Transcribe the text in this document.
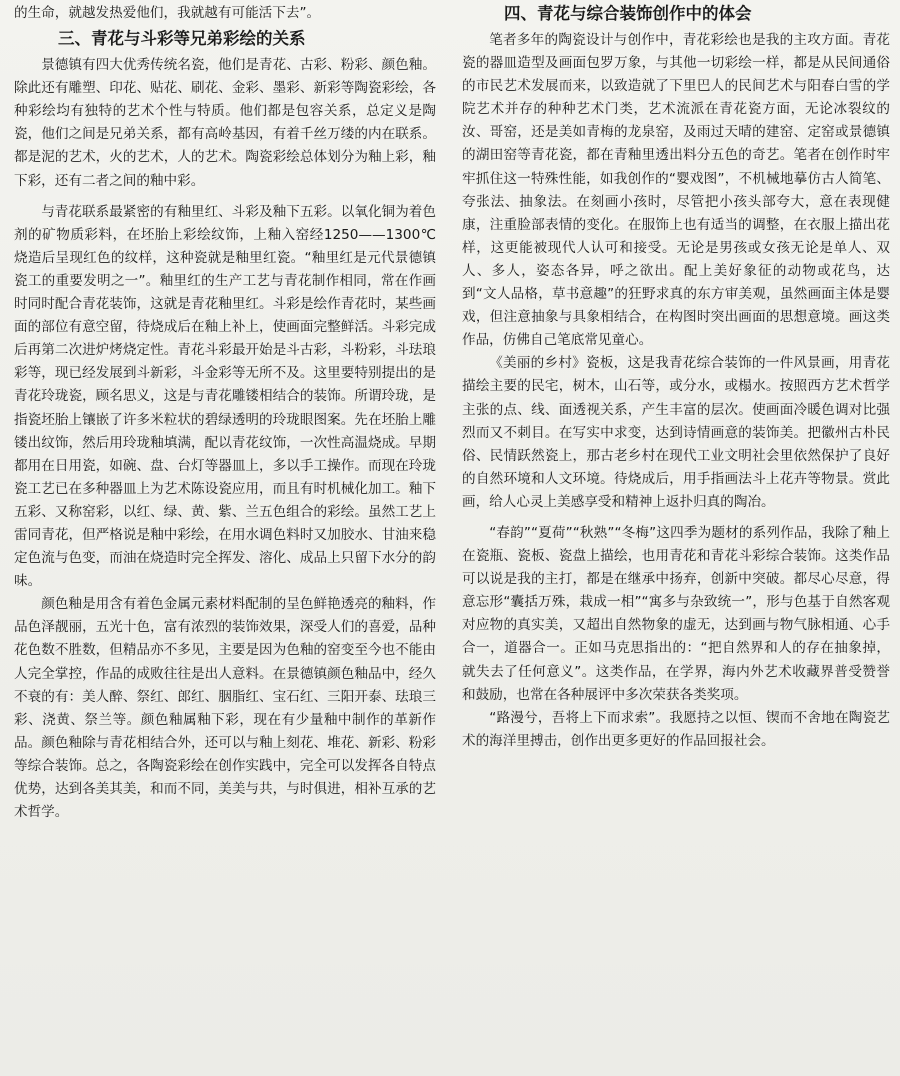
的生命，就越发热爱他们，我就越有可能活下去”。

三、青花与斗彩等兄弟彩绘的关系

景德镇有四大优秀传统名瓷，他们是青花、古彩、粉彩、颜色釉。除此还有雕塑、印花、贴花、刷花、金彩、墨彩、新彩等陶瓷彩绘，各种彩绘均有独特的艺术个性与特质。他们都是包容关系，总定义是陶瓷，他们之间是兄弟关系，都有高岭基因，有着千丝万缕的内在联系。都是泥的艺术，火的艺术，人的艺术。陶瓷彩绘总体划分为釉上彩，釉下彩，还有二者之间的釉中彩。

与青花联系最紧密的有釉里红、斗彩及釉下五彩。以氧化铜为着色剂的矿物质彩料，在坯胎上彩绘纹饰，上釉入窑经1250——1300℃烧造后呈现红色的纹样，这种瓷就是釉里红瓷。“釉里红是元代景德镇瓷工的重要发明之一”。釉里红的生产工艺与青花制作相同，常在作画时同时配合青花装饰，这就是青花釉里红。斗彩是绘作青花时，某些画面的部位有意空留，待烧成后在釉上补上，使画面完整鲜活。斗彩完成后再第二次进炉烤烧定性。青花斗彩最开始是斗古彩，斗粉彩，斗珐琅彩等，现已经发展到斗新彩，斗金彩等无所不及。这里要特别提出的是青花玲珑瓷，顾名思义，这是与青花雕镂相结合的装饰。所谓玲珑，是指瓷坯胎上镶嵌了许多米粒状的碧绿透明的玲珑眼图案。先在坯胎上雕镂出纹饰，然后用玲珑釉填满，配以青花纹饰，一次性高温烧成。早期都用在日用瓷，如碗、盘、台灯等器皿上，多以手工操作。而现在玲珑瓷工艺已在多种器皿上为艺术陈设瓷应用，而且有时机械化加工。釉下五彩、又称窑彩，以红、绿、黄、紫、兰五色组合的彩绘。虽然工艺上雷同青花，但严格说是釉中彩绘，在用水调色料时又加胶水、甘油来稳定色流与色变，而油在烧造时完全挥发、溶化、成品上只留下水分的韵味。

颜色釉是用含有着色金属元素材料配制的呈色鲜艳透亮的釉料，作品色泽靓丽，五光十色，富有浓烈的装饰效果，深受人们的喜爱，品种花色数不胜数，但精品亦不多见，主要是因为色釉的窑变至今也不能由人完全掌控，作品的成败往往是出人意料。在景德镇颜色釉品中，经久不衰的有：美人醉、祭红、郎红、胭脂红、宝石红、三阳开泰、珐琅三彩、浇黄、祭兰等。颜色釉属釉下彩，现在有少量釉中制作的革新作品。颜色釉除与青花相结合外，还可以与釉上刻花、堆花、新彩、粉彩等综合装饰。总之，各陶瓷彩绘在创作实践中，完全可以发挥各自特点优势，达到各美其美，和而不同，美美与共，与时俱进，相补互承的艺术哲学。

四、青花与综合装饰创作中的体会

笔者多年的陶瓷设计与创作中，青花彩绘也是我的主攻方面。青花瓷的器皿造型及画面包罗万象，与其他一切彩绘一样，都是从民间通俗的市民艺术发展而来，以致造就了下里巴人的民间艺术与阳春白雪的学院艺术并存的种种艺术门类，艺术流派在青花瓷方面，无论冰裂纹的汝、哥窑，还是美如青梅的龙泉窑，及雨过天晴的建窑、定窑或景德镇的湖田窑等青花瓷，都在青釉里透出料分五色的奇艺。笔者在创作时牢牢抓住这一特殊性能，如我创作的“婴戏图”，不机械地摹仿古人简笔、夸张法、抽象法。在刻画小孩时，尽管把小孩头部夸大，意在表现健康，注重脸部表情的变化。在服饰上也有适当的调整，在衣服上描出花样，这更能被现代人认可和接受。无论是男孩或女孩无论是单人、双人、多人，姿态各异，呼之欲出。配上美好象征的动物或花鸟，达到“文人品格，草书意趣”的狂野求真的东方审美观，虽然画面主体是婴戏，但注意抽象与具象相结合，在构图时突出画面的思想意境。画这类作品，仿佛自己笔底常见童心。

《美丽的乡村》瓷板，这是我青花综合装饰的一件风景画，用青花描绘主要的民宅，树木，山石等，或分水，或榻水。按照西方艺术哲学主张的点、线、面透视关系，产生丰富的层次。使画面冷暖色调对比强烈而又不刺目。在写实中求变，达到诗情画意的装饰美。把徽州古朴民俗、民情跃然瓷上，那古老乡村在现代工业文明社会里依然保护了良好的自然环境和人文环境。待烧成后，用手指画法斗上花卉等物景。赏此画，给人心灵上美感享受和精神上返扑归真的陶冶。

“春韵”“夏荷”“秋熟”“冬梅”这四季为题材的系列作品，我除了釉上在瓷瓶、瓷板、瓷盘上描绘，也用青花和青花斗彩综合装饰。这类作品可以说是我的主打，都是在继承中扬弃，创新中突破。都尽心尽意，得意忘形“囊括万殊，栽成一相”“寓多与杂致统一”，形与色基于自然客观对应物的真实美，又超出自然物象的虚无，达到画与物气脉相通、心手合一，道器合一。正如马克思指出的：“把自然界和人的存在抽象掉，就失去了任何意义”。这类作品，在学界，海内外艺术收藏界普受赞誉和鼓励，也常在各种展评中多次荣获各类奖项。

“路漫兮，吾将上下而求索”。我愿持之以恒、锲而不舍地在陶瓷艺术的海洋里搏击，创作出更多更好的作品回报社会。
